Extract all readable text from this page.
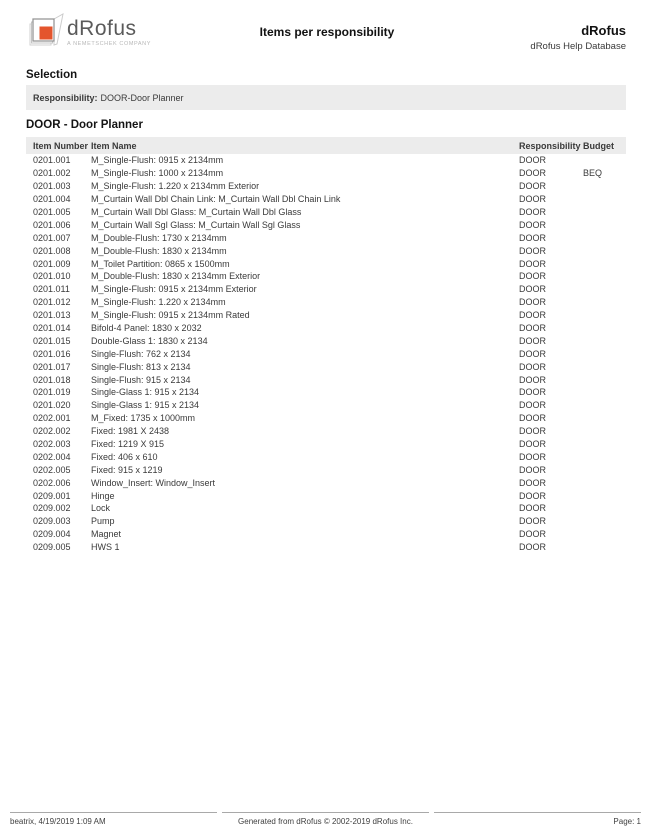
dRofus
A NEMETSCHEK COMPANY
Items per responsibility	dRofus
dRofus Help Database
Selection
Responsibility: DOOR-Door Planner
DOOR - Door Planner
Item Number	Item Name	Responsibility	Budget
0201.001	M_Single-Flush: 0915 x 2134mm	DOOR	
0201.002	M_Single-Flush: 1000 x 2134mm	DOOR	BEQ
0201.003	M_Single-Flush: 1.220 x 2134mm Exterior	DOOR	
0201.004	M_Curtain Wall Dbl Chain Link: M_Curtain Wall Dbl Chain Link	DOOR	
0201.005	M_Curtain Wall Dbl Glass: M_Curtain Wall Dbl Glass	DOOR	
0201.006	M_Curtain Wall Sgl Glass: M_Curtain Wall Sgl Glass	DOOR	
0201.007	M_Double-Flush: 1730 x 2134mm	DOOR	
0201.008	M_Double-Flush: 1830 x 2134mm	DOOR	
0201.009	M_Toilet Partition: 0865 x 1500mm	DOOR	
0201.010	M_Double-Flush: 1830 x 2134mm Exterior	DOOR	
0201.011	M_Single-Flush: 0915 x 2134mm Exterior	DOOR	
0201.012	M_Single-Flush: 1.220 x 2134mm	DOOR	
0201.013	M_Single-Flush: 0915 x 2134mm Rated	DOOR	
0201.014	Bifold-4 Panel: 1830 x 2032	DOOR	
0201.015	Double-Glass 1: 1830 x 2134	DOOR	
0201.016	Single-Flush: 762 x 2134	DOOR	
0201.017	Single-Flush: 813 x 2134	DOOR	
0201.018	Single-Flush: 915 x 2134	DOOR	
0201.019	Single-Glass 1: 915 x 2134	DOOR	
0201.020	Single-Glass 1: 915 x 2134	DOOR	
0202.001	M_Fixed: 1735 x 1000mm	DOOR	
0202.002	Fixed: 1981 X 2438	DOOR	
0202.003	Fixed: 1219 X 915	DOOR	
0202.004	Fixed: 406 x 610	DOOR	
0202.005	Fixed: 915 x 1219	DOOR	
0202.006	Window_Insert: Window_Insert	DOOR	
0209.001	Hinge	DOOR	
0209.002	Lock	DOOR	
0209.003	Pump	DOOR	
0209.004	Magnet	DOOR	
0209.005	HWS 1	DOOR	
beatrix, 4/19/2019 1:09 AM	Generated from dRofus © 2002-2019 dRofus Inc.	Page: 1
